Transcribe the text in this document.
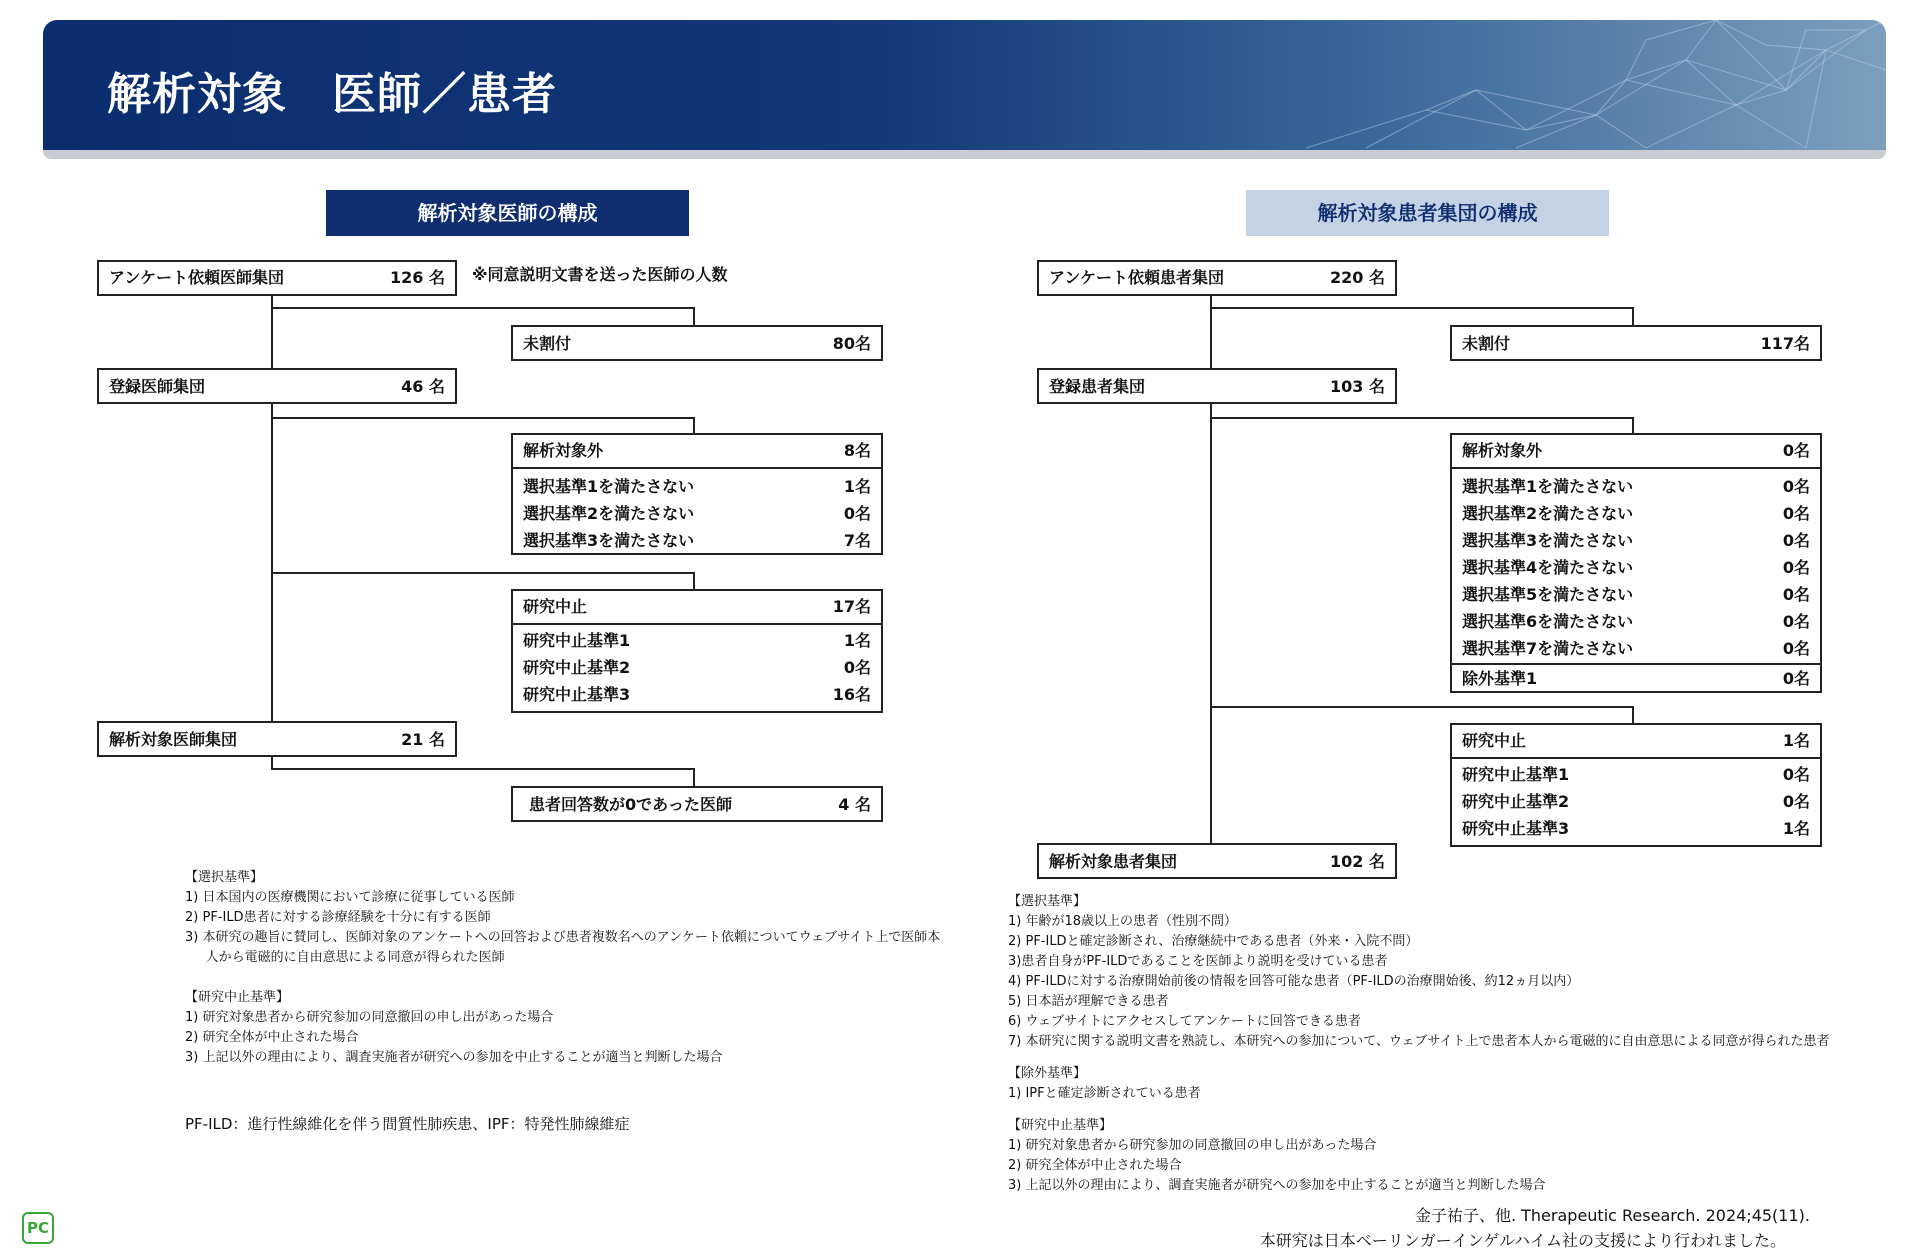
解析対象　医師／患者
解析対象医師の構成
アンケート依頼医師集団	126 名 ※同意説明文書を送った医師の人数
未割付	80名
登録医師集団	46 名
解析対象外	8名
選択基準1を満たさない	1名
選択基準2を満たさない	0名
選択基準3を満たさない	7名
研究中止	17名
研究中止基準1	1名
研究中止基準2	0名
研究中止基準3	16名
解析対象医師集団	21 名
患者回答数が0であった医師	4 名
【選択基準】
1) 日本国内の医療機関において診療に従事している医師
2) PF-ILD患者に対する診療経験を十分に有する医師
3) 本研究の趣旨に賛同し、医師対象のアンケートへの回答および患者複数名へのアンケート依頼についてウェブサイト上で医師本
人から電磁的に自由意思による同意が得られた医師
【研究中止基準】
1) 研究対象患者から研究参加の同意撤回の申し出があった場合
2) 研究全体が中止された場合
3) 上記以外の理由により、調査実施者が研究への参加を中止することが適当と判断した場合
PF-ILD：進行性線維化を伴う間質性肺疾患、IPF：特発性肺線維症
解析対象患者集団の構成
アンケート依頼患者集団	220 名
未割付	117名
登録患者集団	103 名
解析対象外	0名
選択基準1を満たさない	0名
選択基準2を満たさない	0名
選択基準3を満たさない	0名
選択基準4を満たさない	0名
選択基準5を満たさない	0名
選択基準6を満たさない	0名
選択基準7を満たさない	0名
除外基準1	0名
研究中止	1名
研究中止基準1	0名
研究中止基準2	0名
研究中止基準3	1名
解析対象患者集団	102 名
【選択基準】
1) 年齢が18歳以上の患者（性別不問）
2) PF-ILDと確定診断され、治療継続中である患者（外来・入院不問）
3)患者自身がPF-ILDであることを医師より説明を受けている患者
4) PF-ILDに対する治療開始前後の情報を回答可能な患者（PF-ILDの治療開始後、約12ヵ月以内）
5) 日本語が理解できる患者
6) ウェブサイトにアクセスしてアンケートに回答できる患者
7) 本研究に関する説明文書を熟読し、本研究への参加について、ウェブサイト上で患者本人から電磁的に自由意思による同意が得られた患者
【除外基準】
1) IPFと確定診断されている患者
【研究中止基準】
1) 研究対象患者から研究参加の同意撤回の申し出があった場合
2) 研究全体が中止された場合
3) 上記以外の理由により、調査実施者が研究への参加を中止することが適当と判断した場合
金子祐子、他. Therapeutic Research. 2024;45(11).
本研究は日本ベーリンガーインゲルハイム社の支援により行われました。
PC
